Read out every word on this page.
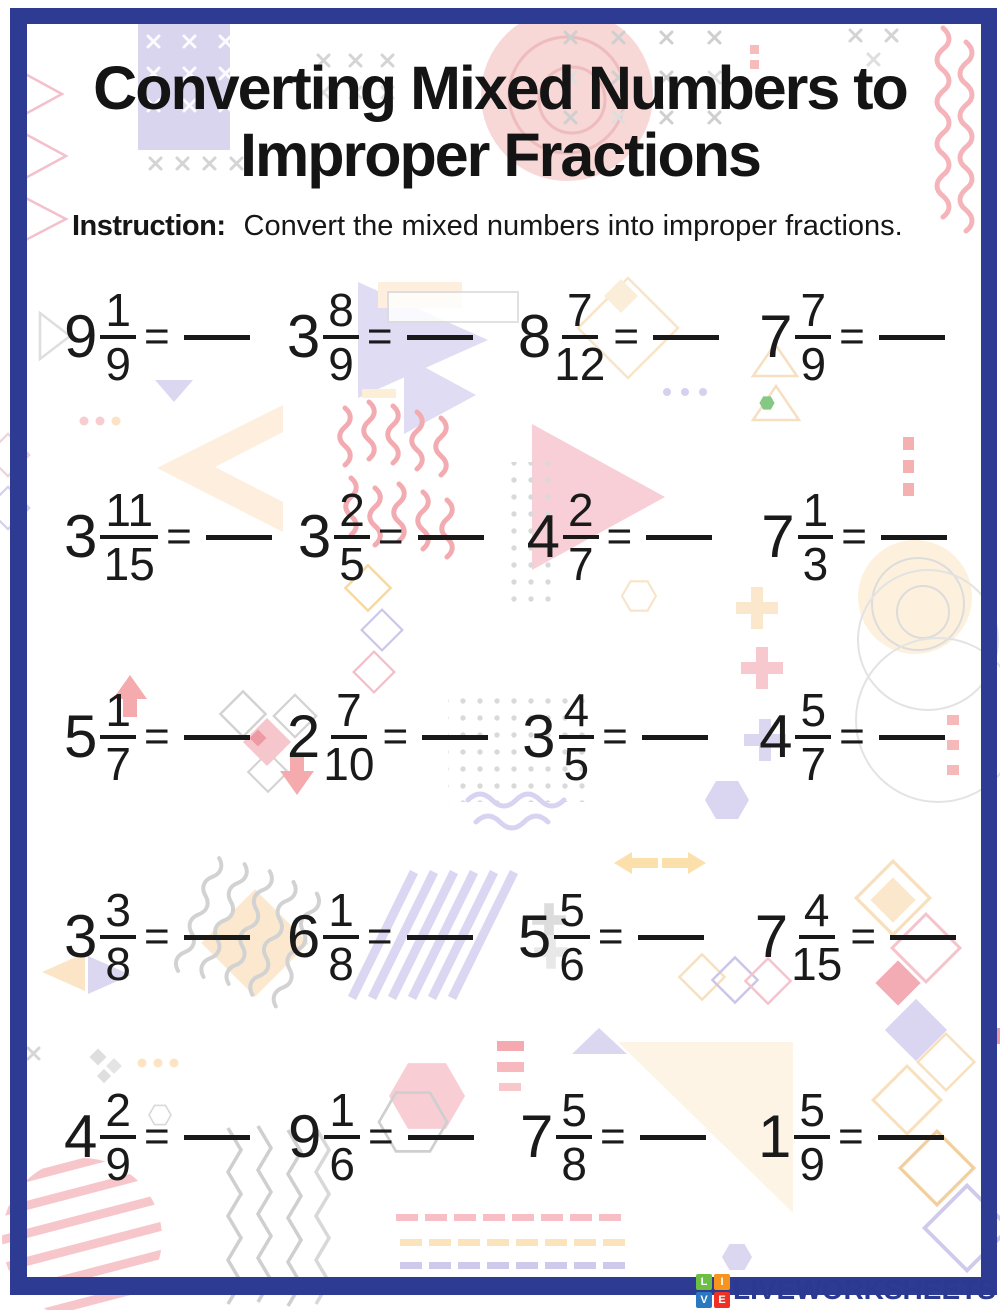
Converting Mixed Numbers to
Improper Fractions
Instruction: Convert the mixed numbers into improper fractions.
$9 \frac{1}{9} = 3 \frac{8}{9} = 8 \frac{7}{12} = 7 \frac{7}{9}$ =
$3 \frac{11}{15} = 3 \frac{2}{5} = 4 \frac{2}{7} = 7 \frac{1}{3}$ =
$5 \frac{1}{7} = 2 \frac{7}{10} = 3 \frac{4}{5} = 4 \frac{5}{7}$ =
$3 \frac{3}{8} = 6 \frac{1}{8} = 5 \frac{5}{6} = 7 \frac{4}{15}$ =
$4 \frac{2}{9} = 9 \frac{1}{6} = 7 \frac{5}{8} = 1 \frac{5}{9}$ =
L	I
V E LIVEWORKSHEETS
